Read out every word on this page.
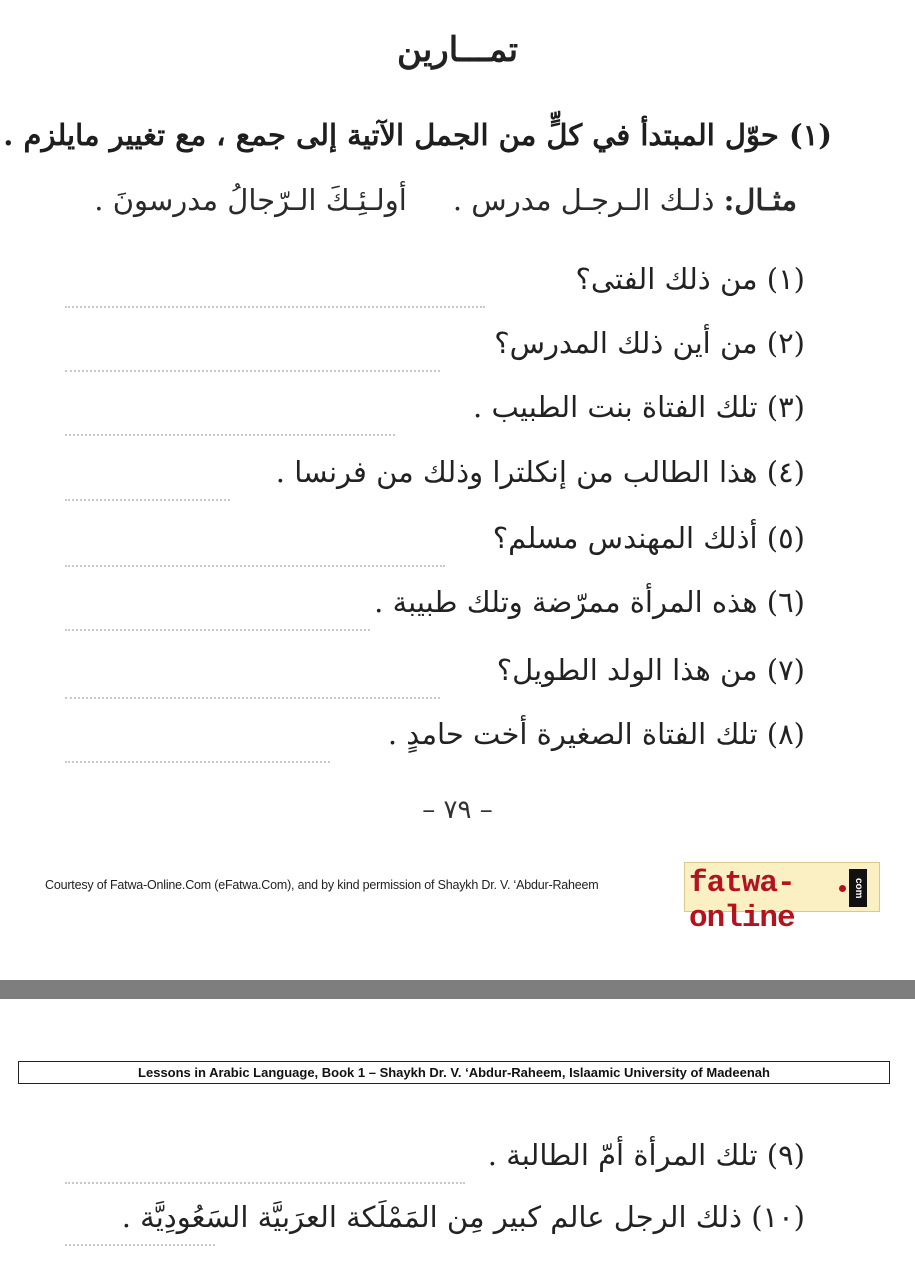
تمـــارين
(١) حوّل المبتدأ في كلٍّ من الجمل الآتية إلى جمع ، مع تغيير مايلزم .
مثـال: ذلـك الـرجـل مدرس .     أولـئِـكَ الـرّجالُ مدرسونَ .
(١) من ذلك الفتى؟
(٢) من أين ذلك المدرس؟
(٣) تلك الفتاة بنت الطبيب .
(٤) هذا الطالب من إنكلترا وذلك من فرنسا .
(٥) أذلك المهندس مسلم؟
(٦) هذه المرأة ممرّضة وتلك طبيبة .
(٧) من هذا الولد الطويل؟
(٨) تلك الفتاة الصغيرة أخت حامدٍ .
– ٧٩ –
Courtesy of Fatwa-Online.Com (eFatwa.Com), and by kind permission of Shaykh Dr. V. ‘Abdur-Raheem	fatwa-online
com
Lessons in Arabic Language, Book 1 – Shaykh Dr. V. ‘Abdur-Raheem, Islaamic University of Madeenah
(٩) تلك المرأة أمّ الطالبة .
(١٠) ذلك الرجل عالم كبير مِن المَمْلَكة العرَبيَّة السَعُودِيَّة .
